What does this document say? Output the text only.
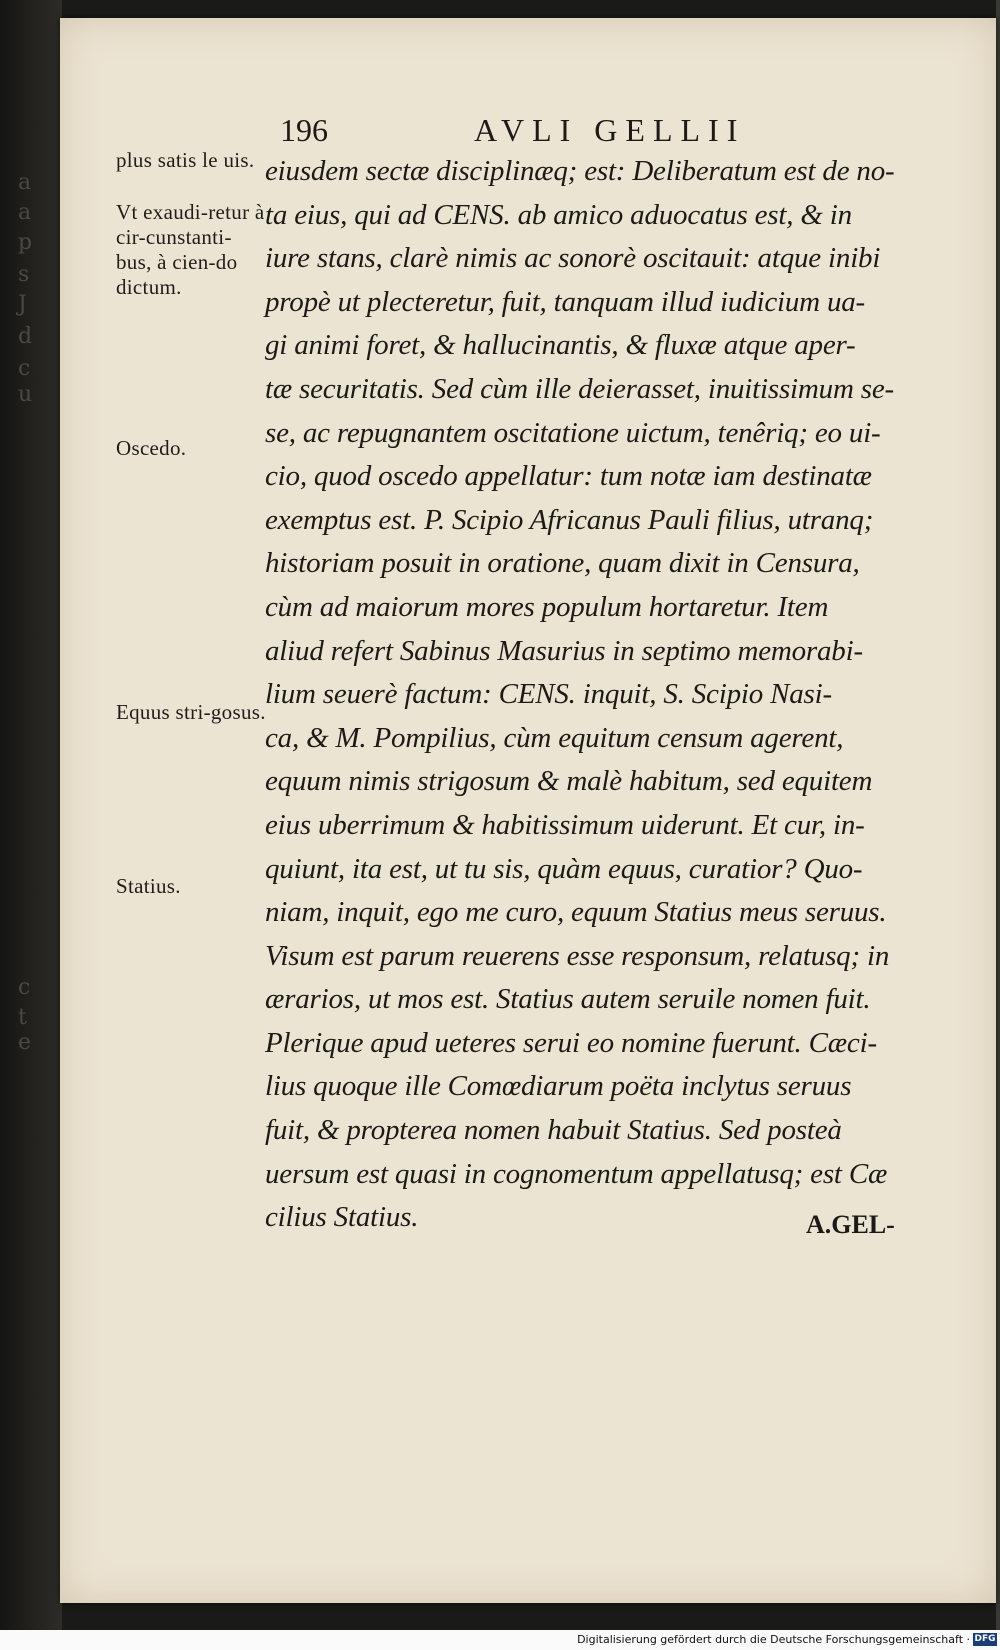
a
a
p
s
J
d
c
u
c
t
e
196	AVLI GELLII
plus satis le uis.
Vt exaudi-retur à cir-cunstanti-bus, à cien-do dictum.
Oscedo.
Equus stri-gosus.
Statius.
eiusdem sectæ disciplinæq; est: Deliberatum est de no-
ta eius, qui ad CENS. ab amico aduocatus est, & in
iure stans, clarè nimis ac sonorè oscitauit: atque inibi
propè ut plecteretur, fuit, tanquam illud iudicium ua-
gi animi foret, & hallucinantis, & fluxæ atque aper-
tæ securitatis. Sed cùm ille deierasset, inuitissimum se-
se, ac repugnantem oscitatione uictum, tenêriq; eo ui-
cio, quod oscedo appellatur: tum notæ iam destinatæ
exemptus est. P. Scipio Africanus Pauli filius, utranq;
historiam posuit in oratione, quam dixit in Censura,
cùm ad maiorum mores populum hortaretur. Item
aliud refert Sabinus Masurius in septimo memorabi-
lium seuerè factum: CENS. inquit, S. Scipio Nasi-
ca, & M. Pompilius, cùm equitum censum agerent,
equum nimis strigosum & malè habitum, sed equitem
eius uberrimum & habitissimum uiderunt. Et cur, in-
quiunt, ita est, ut tu sis, quàm equus, curatior? Quo-
niam, inquit, ego me curo, equum Statius meus seruus.
Visum est parum reuerens esse responsum, relatusq; in
ærarios, ut mos est. Statius autem seruile nomen fuit.
Plerique apud ueteres serui eo nomine fuerunt. Cæci-
lius quoque ille Comœdiarum poëta inclytus seruus
fuit, & propterea nomen habuit Statius. Sed posteà
uersum est quasi in cognomentum appellatusq; est Cæ
cilius Statius.	A.GEL-
Digitalisierung gefördert durch die Deutsche Forschungsgemeinschaft · DFG
